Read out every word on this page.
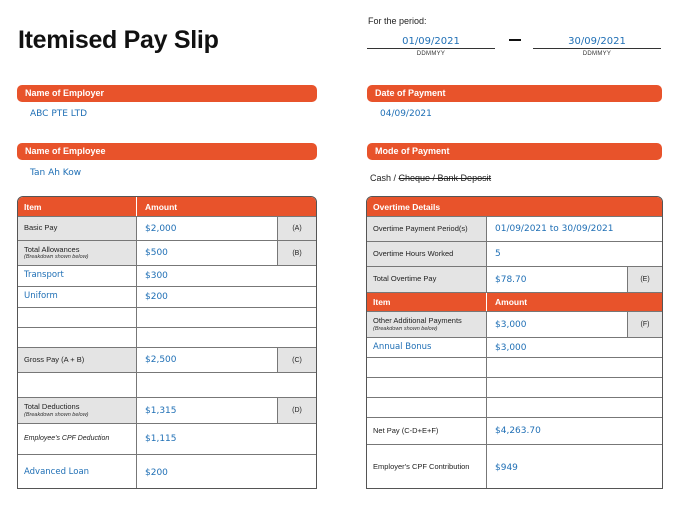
Itemised Pay Slip
For the period:
01/09/2021
DDMMYY
30/09/2021
DDMMYY
Name of Employer
ABC PTE LTD
Date of Payment
04/09/2021
Name of Employee
Tan Ah Kow
Mode of Payment
Cash / Cheque / Bank Deposit
Item	Amount
Basic Pay	$2,000	(A)
Total Allowances
(Breakdown shown below)	$500	(B)
Transport	$300
Uniform	$200
Gross Pay (A + B)	$2,500	(C)
Total Deductions
(Breakdown shown below)	$1,315	(D)
Employee's CPF Deduction	$1,115
Advanced Loan	$200
Overtime Details
Overtime Payment Period(s)	01/09/2021 to 30/09/2021
Overtime Hours Worked	5
Total Overtime Pay	$78.70	(E)
Item	Amount
Other Additional Payments
(Breakdown shown below)	$3,000	(F)
Annual Bonus	$3,000
Net Pay (C-D+E+F)	$4,263.70
Employer's CPF Contribution	$949
